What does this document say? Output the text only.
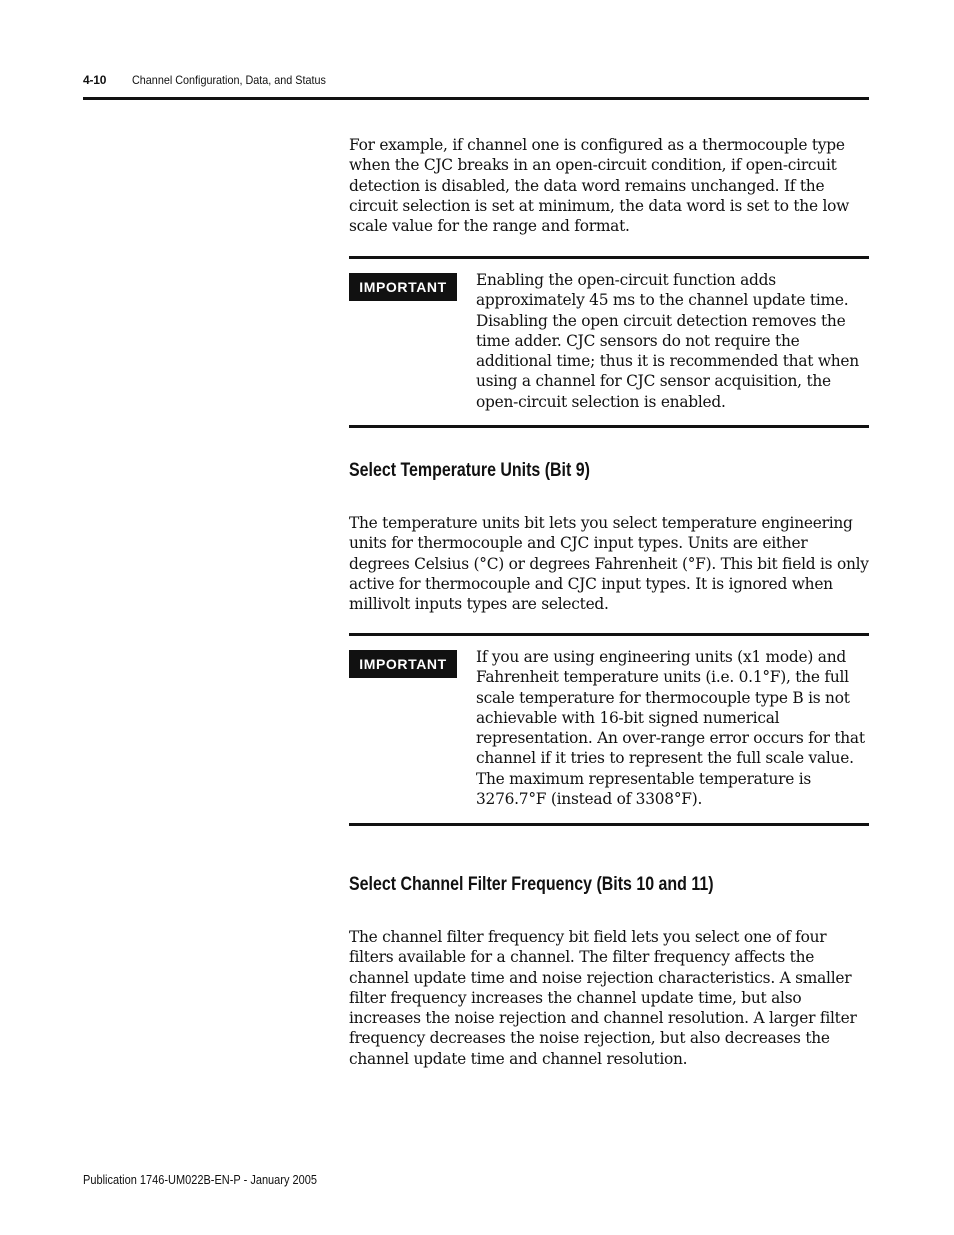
4-10 Channel Configuration, Data, and Status
For example, if channel one is configured as a thermocouple type when the CJC breaks in an open-circuit condition, if open-circuit detection is disabled, the data word remains unchanged. If the circuit selection is set at minimum, the data word is set to the low scale value for the range and format.
IMPORTANT	Enabling the open-circuit function adds approximately 45 ms to the channel update time. Disabling the open circuit detection removes the time adder. CJC sensors do not require the additional time; thus it is recommended that when using a channel for CJC sensor acquisition, the open-circuit selection is enabled.
Select Temperature Units (Bit 9)
The temperature units bit lets you select temperature engineering units for thermocouple and CJC input types. Units are either degrees Celsius (°C) or degrees Fahrenheit (°F). This bit field is only active for thermocouple and CJC input types. It is ignored when millivolt inputs types are selected.
IMPORTANT	If you are using engineering units (x1 mode) and Fahrenheit temperature units (i.e. 0.1°F), the full scale temperature for thermocouple type B is not achievable with 16-bit signed numerical representation. An over-range error occurs for that channel if it tries to represent the full scale value. The maximum representable temperature is 3276.7°F (instead of 3308°F).
Select Channel Filter Frequency (Bits 10 and 11)
The channel filter frequency bit field lets you select one of four filters available for a channel. The filter frequency affects the channel update time and noise rejection characteristics. A smaller filter frequency increases the channel update time, but also increases the noise rejection and channel resolution. A larger filter frequency decreases the noise rejection, but also decreases the channel update time and channel resolution.
Publication 1746-UM022B-EN-P - January 2005
